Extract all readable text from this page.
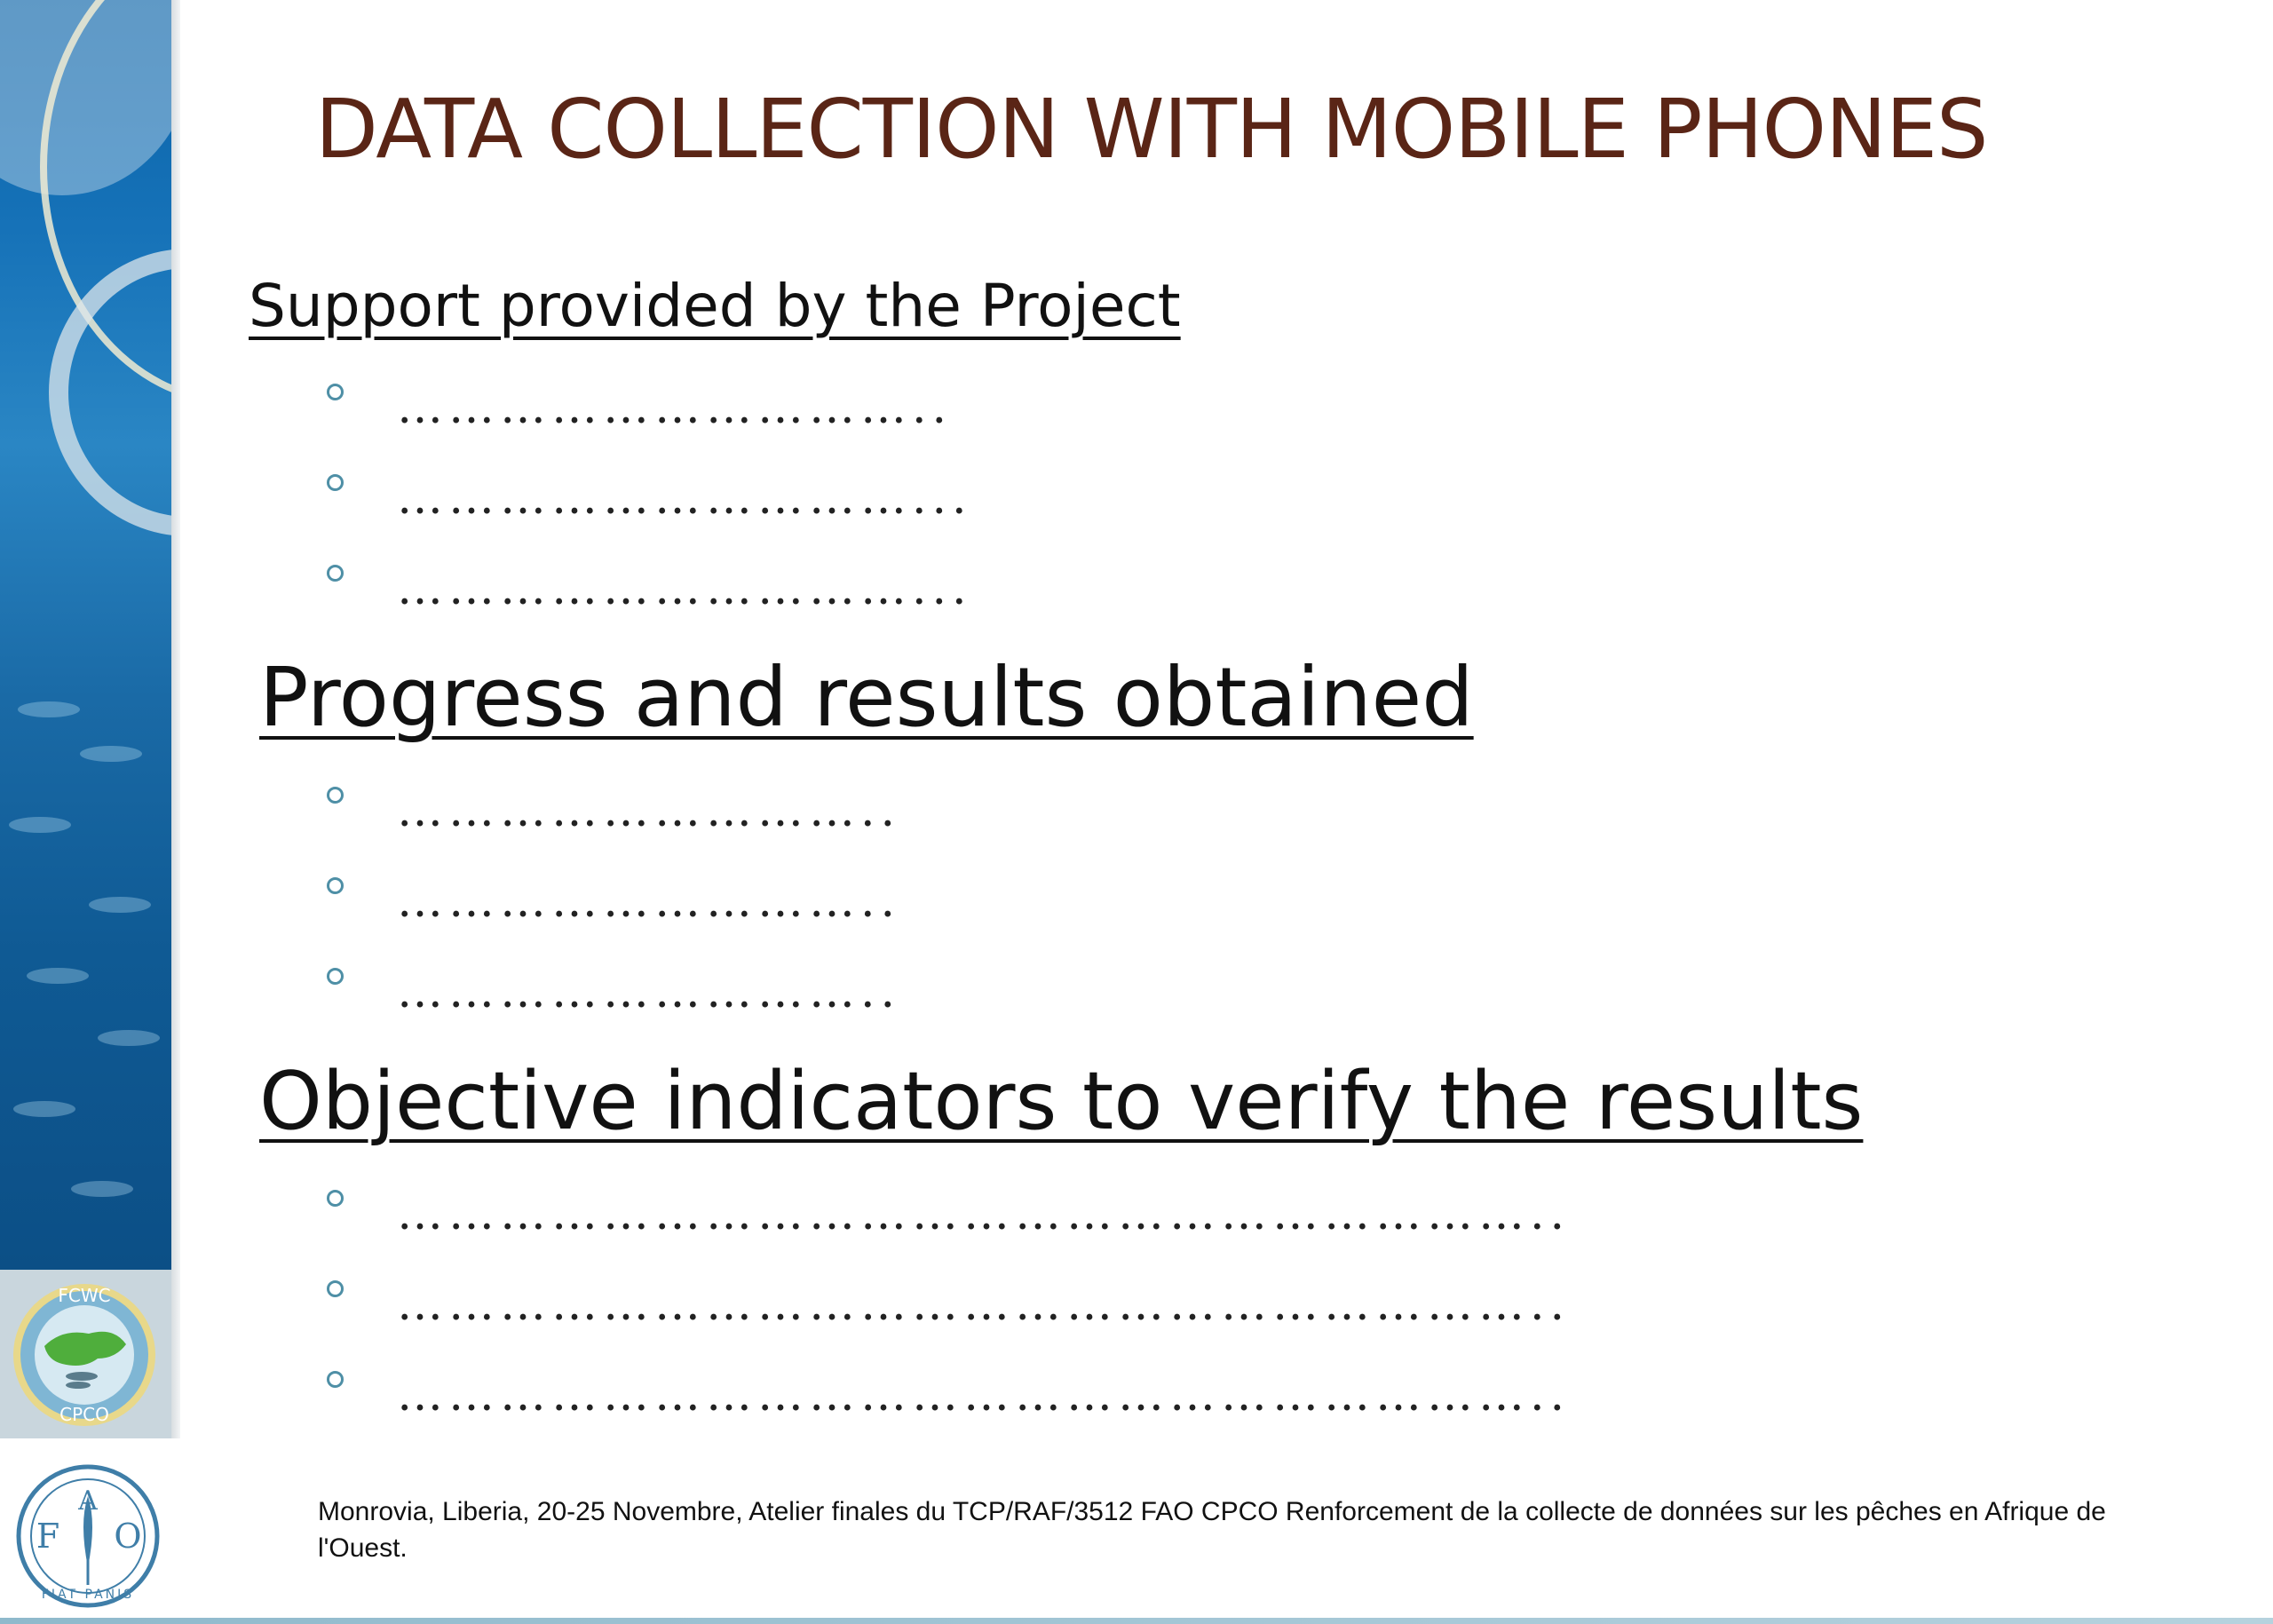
FCWC
CPCO
F
A
O
FIAT PANIS
DATA COLLECTION WITH MOBILE PHONES
Support provided by the Project
…………………………..
…………………………...
…………………………...
Progress and results obtained
………………………..
………………………..
………………………..
Objective indicators to verify the results
…………………………………………………………..
…………………………………………………………..
…………………………………………………………..
Monrovia, Liberia, 20-25 Novembre, Atelier finales du TCP/RAF/3512 FAO CPCO Renforcement de la collecte de données sur les pêches en Afrique de l'Ouest.
